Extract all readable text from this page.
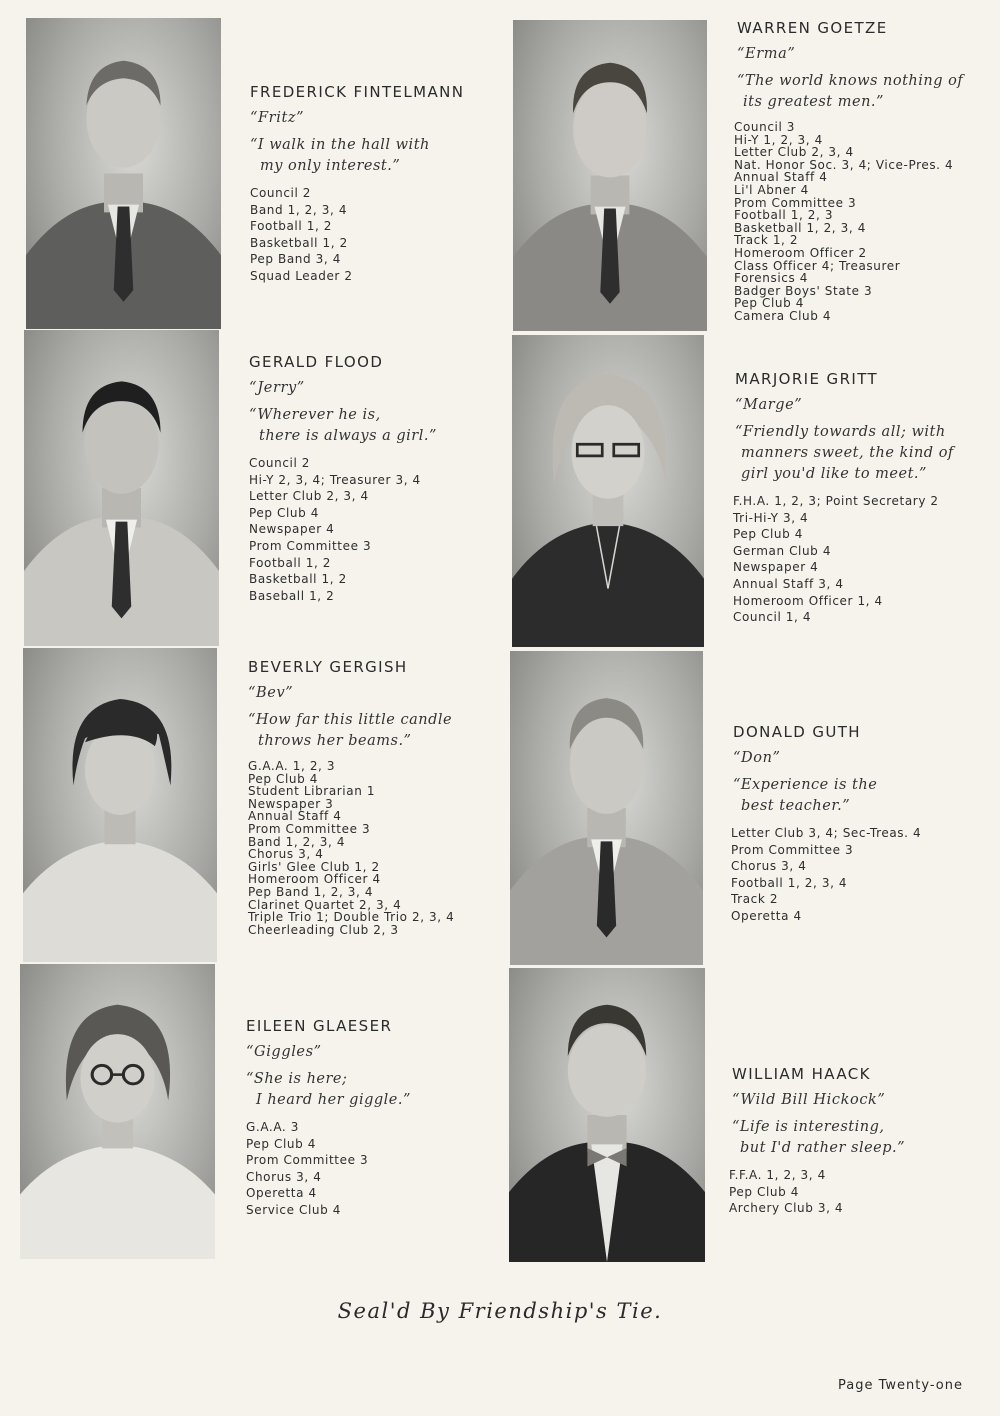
FREDERICK FINTELMANN
“Fritz”
“I walk in the hall with
my only interest.”
Council 2
Band 1, 2, 3, 4
Football 1, 2
Basketball 1, 2
Pep Band 3, 4
Squad Leader 2
GERALD FLOOD
“Jerry”
“Wherever he is,
there is always a girl.”
Council 2
Hi-Y 2, 3, 4; Treasurer 3, 4
Letter Club 2, 3, 4
Pep Club 4
Newspaper 4
Prom Committee 3
Football 1, 2
Basketball 1, 2
Baseball 1, 2
BEVERLY GERGISH
“Bev”
“How far this little candle
throws her beams.”
G.A.A. 1, 2, 3
Pep Club 4
Student Librarian 1
Newspaper 3
Annual Staff 4
Prom Committee 3
Band 1, 2, 3, 4
Chorus 3, 4
Girls' Glee Club 1, 2
Homeroom Officer 4
Pep Band 1, 2, 3, 4
Clarinet Quartet 2, 3, 4
Triple Trio 1; Double Trio 2, 3, 4
Cheerleading Club 2, 3
EILEEN GLAESER
“Giggles”
“She is here;
I heard her giggle.”
G.A.A. 3
Pep Club 4
Prom Committee 3
Chorus 3, 4
Operetta 4
Service Club 4
WARREN GOETZE
“Erma”
“The world knows nothing of
its greatest men.”
Council 3
Hi-Y 1, 2, 3, 4
Letter Club 2, 3, 4
Nat. Honor Soc. 3, 4; Vice-Pres. 4
Annual Staff 4
Li'l Abner 4
Prom Committee 3
Football 1, 2, 3
Basketball 1, 2, 3, 4
Track 1, 2
Homeroom Officer 2
Class Officer 4; Treasurer
Forensics 4
Badger Boys' State 3
Pep Club 4
Camera Club 4
MARJORIE GRITT
“Marge”
“Friendly towards all; with
manners sweet, the kind of
girl you'd like to meet.”
F.H.A. 1, 2, 3; Point Secretary 2
Tri-Hi-Y 3, 4
Pep Club 4
German Club 4
Newspaper 4
Annual Staff 3, 4
Homeroom Officer 1, 4
Council 1, 4
DONALD GUTH
“Don”
“Experience is the
best teacher.”
Letter Club 3, 4; Sec-Treas. 4
Prom Committee 3
Chorus 3, 4
Football 1, 2, 3, 4
Track 2
Operetta 4
WILLIAM HAACK
“Wild Bill Hickock”
“Life is interesting,
but I'd rather sleep.”
F.F.A. 1, 2, 3, 4
Pep Club 4
Archery Club 3, 4
Seal'd By Friendship's Tie.
Page Twenty-one
